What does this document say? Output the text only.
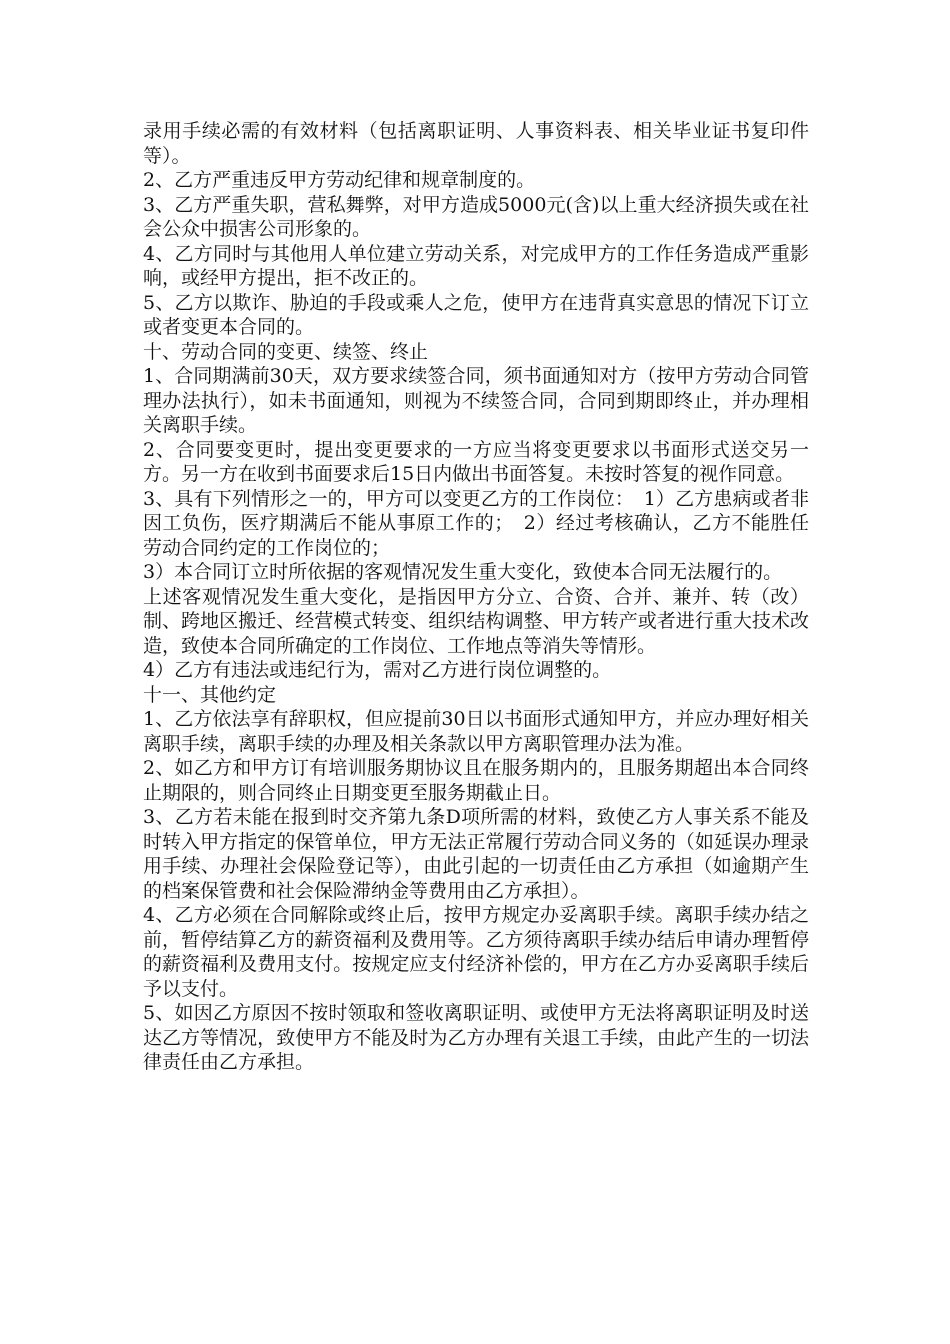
录用手续必需的有效材料（包括离职证明、人事资料表、相关毕业证书复印件等）。

2、乙方严重违反甲方劳动纪律和规章制度的。

3、乙方严重失职，营私舞弊，对甲方造成5000元(含)以上重大经济损失或在社会公众中损害公司形象的。

4、乙方同时与其他用人单位建立劳动关系，对完成甲方的工作任务造成严重影响，或经甲方提出，拒不改正的。

5、乙方以欺诈、胁迫的手段或乘人之危，使甲方在违背真实意思的情况下订立或者变更本合同的。

十、劳动合同的变更、续签、终止

1、合同期满前30天，双方要求续签合同，须书面通知对方（按甲方劳动合同管理办法执行），如未书面通知，则视为不续签合同，合同到期即终止，并办理相关离职手续。

2、合同要变更时，提出变更要求的一方应当将变更要求以书面形式送交另一方。另一方在收到书面要求后15日内做出书面答复。未按时答复的视作同意。

3、具有下列情形之一的，甲方可以变更乙方的工作岗位：　1）乙方患病或者非因工负伤，医疗期满后不能从事原工作的；　2）经过考核确认，乙方不能胜任劳动合同约定的工作岗位的；

3）本合同订立时所依据的客观情况发生重大变化，致使本合同无法履行的。

上述客观情况发生重大变化，是指因甲方分立、合资、合并、兼并、转（改）制、跨地区搬迁、经营模式转变、组织结构调整、甲方转产或者进行重大技术改造，致使本合同所确定的工作岗位、工作地点等消失等情形。

4）乙方有违法或违纪行为，需对乙方进行岗位调整的。

十一、其他约定

1、乙方依法享有辞职权，但应提前30日以书面形式通知甲方，并应办理好相关离职手续，离职手续的办理及相关条款以甲方离职管理办法为准。

2、如乙方和甲方订有培训服务期协议且在服务期内的，且服务期超出本合同终止期限的，则合同终止日期变更至服务期截止日。

3、乙方若未能在报到时交齐第九条D项所需的材料，致使乙方人事关系不能及时转入甲方指定的保管单位，甲方无法正常履行劳动合同义务的（如延误办理录用手续、办理社会保险登记等），由此引起的一切责任由乙方承担（如逾期产生的档案保管费和社会保险滞纳金等费用由乙方承担）。

4、乙方必须在合同解除或终止后，按甲方规定办妥离职手续。离职手续办结之前，暂停结算乙方的薪资福利及费用等。乙方须待离职手续办结后申请办理暂停的薪资福利及费用支付。按规定应支付经济补偿的，甲方在乙方办妥离职手续后予以支付。

5、如因乙方原因不按时领取和签收离职证明、或使甲方无法将离职证明及时送达乙方等情况，致使甲方不能及时为乙方办理有关退工手续，由此产生的一切法律责任由乙方承担。
